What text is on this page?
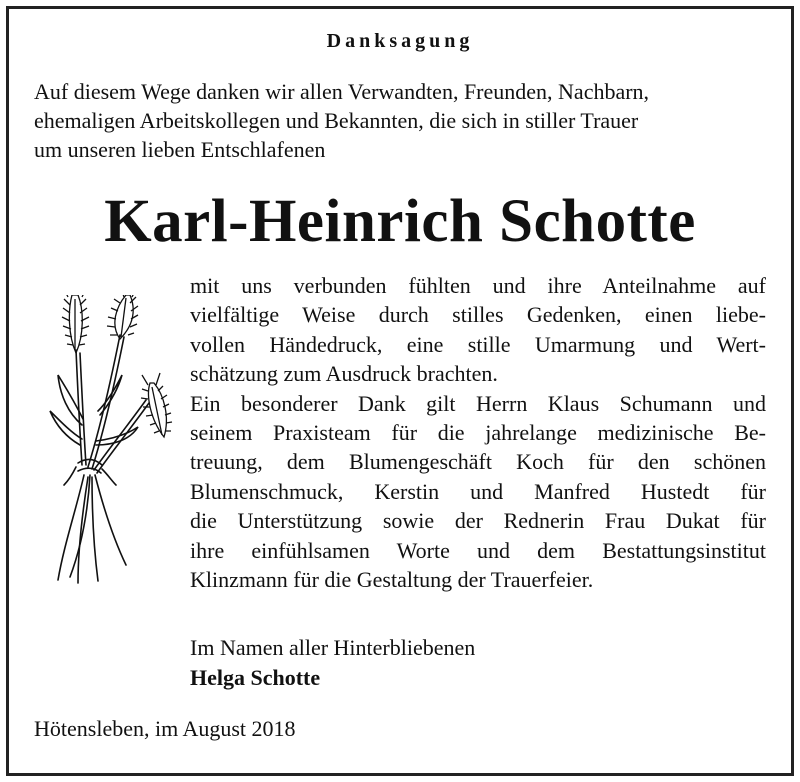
Danksagung
Auf diesem Wege danken wir allen Verwandten, Freunden, Nachbarn,
ehemaligen Arbeitskollegen und Bekannten, die sich in stiller Trauer
um unseren lieben Entschlafenen
Karl-Heinrich Schotte
mit uns verbunden fühlten und ihre Anteilnahme auf
vielfältige Weise durch stilles Gedenken, einen liebe-
vollen Händedruck, eine stille Umarmung und Wert-
schätzung zum Ausdruck brachten.
Ein besonderer Dank gilt Herrn Klaus Schumann und
seinem Praxisteam für die jahrelange medizinische Be-
treuung, dem Blumengeschäft Koch für den schönen
Blumenschmuck, Kerstin und Manfred Hustedt für
die Unterstützung sowie der Rednerin Frau Dukat für
ihre einfühlsamen Worte und dem Bestattungsinstitut
Klinzmann für die Gestaltung der Trauerfeier.
Im Namen aller Hinterbliebenen
Helga Schotte
Hötensleben, im August 2018
